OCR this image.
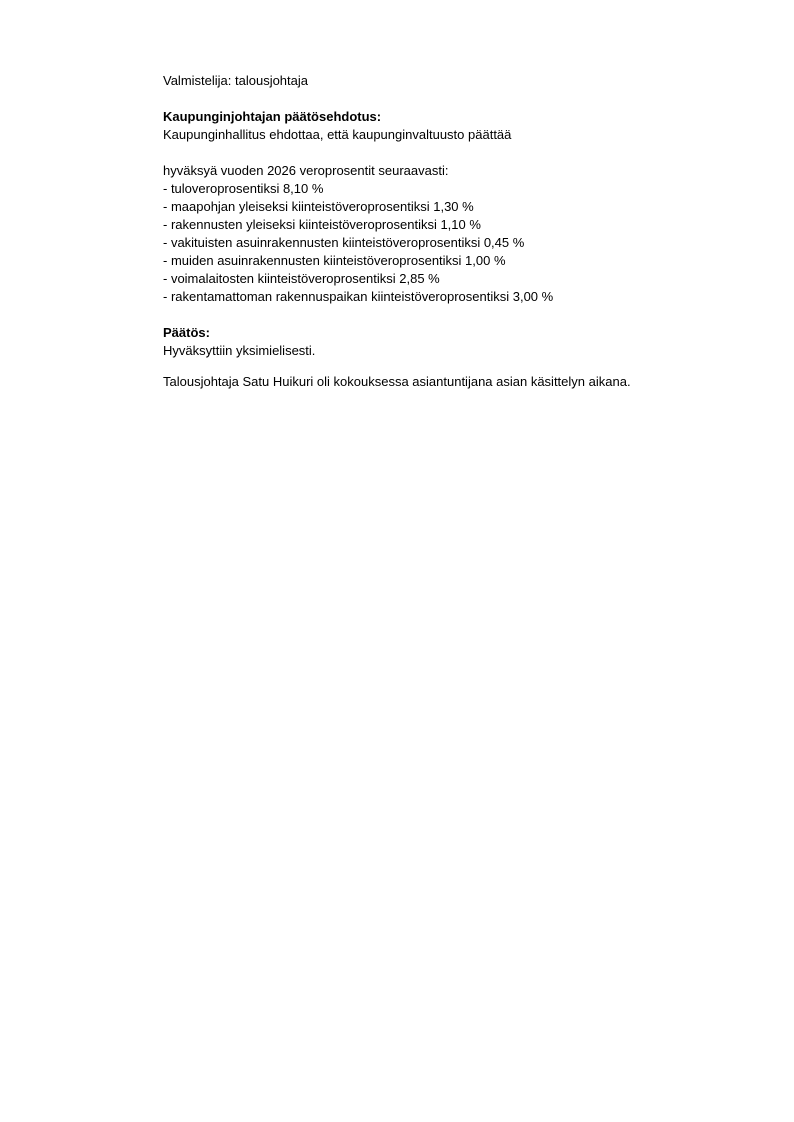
Valmistelija: talousjohtaja
Kaupunginjohtajan päätösehdotus:
Kaupunginhallitus ehdottaa, että kaupunginvaltuusto päättää
hyväksyä vuoden 2026 veroprosentit seuraavasti:
- tuloveroprosentiksi 8,10 %
- maapohjan yleiseksi kiinteistöveroprosentiksi 1,30 %
- rakennusten yleiseksi kiinteistöveroprosentiksi 1,10 %
- vakituisten asuinrakennusten kiinteistöveroprosentiksi 0,45 %
- muiden asuinrakennusten kiinteistöveroprosentiksi 1,00 %
- voimalaitosten kiinteistöveroprosentiksi 2,85 %
- rakentamattoman rakennuspaikan kiinteistöveroprosentiksi 3,00 %
Päätös:
Hyväksyttiin yksimielisesti.
Talousjohtaja Satu Huikuri oli kokouksessa asiantuntijana asian käsittelyn aikana.
